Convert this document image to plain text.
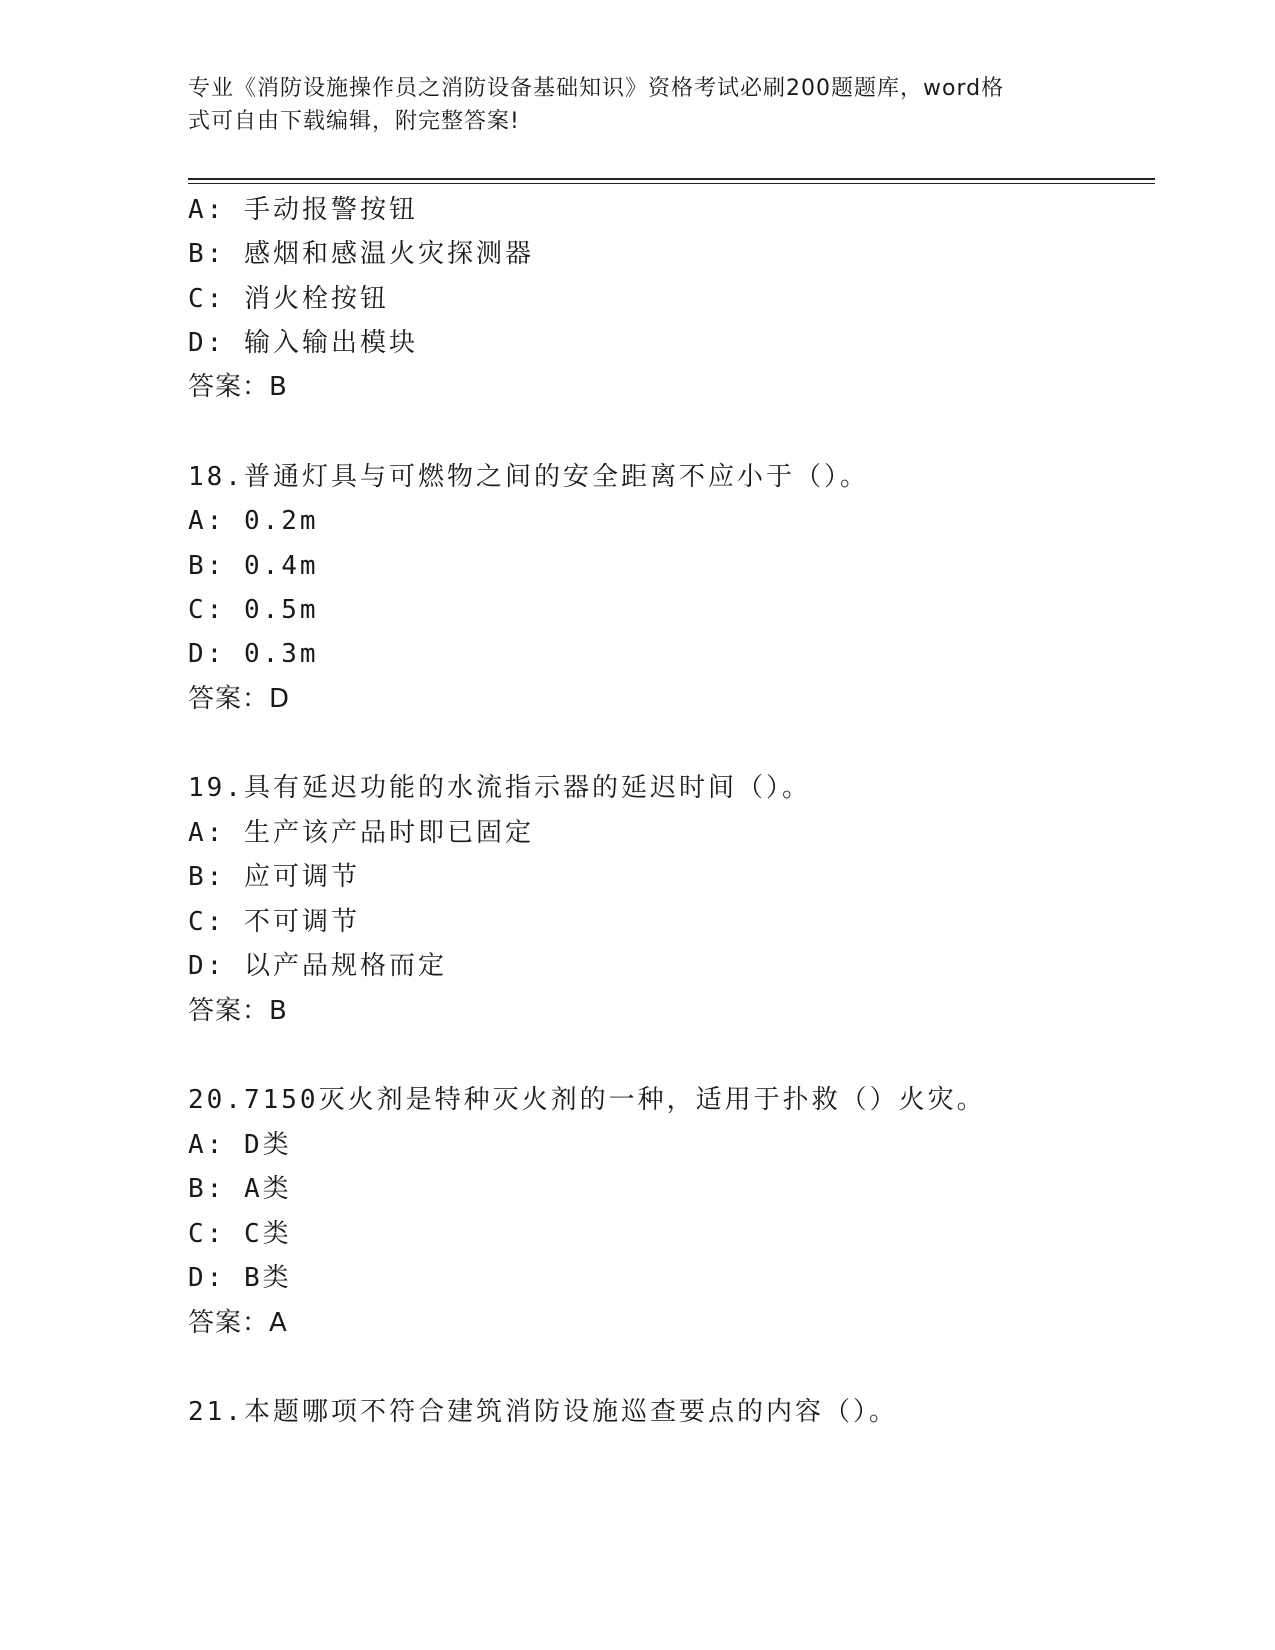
专业《消防设施操作员之消防设备基础知识》资格考试必刷200题题库，word格
式可自由下载编辑，附完整答案!
A: 手动报警按钮
B: 感烟和感温火灾探测器
C: 消火栓按钮
D: 输入输出模块
答案：B
18.普通灯具与可燃物之间的安全距离不应小于（）。
A: 0.2m
B: 0.4m
C: 0.5m
D: 0.3m
答案：D
19.具有延迟功能的水流指示器的延迟时间（）。
A: 生产该产品时即已固定
B: 应可调节
C: 不可调节
D: 以产品规格而定
答案：B
20.7150灭火剂是特种灭火剂的一种，适用于扑救（）火灾。
A: D类
B: A类
C: C类
D: B类
答案：A
21.本题哪项不符合建筑消防设施巡查要点的内容（）。
